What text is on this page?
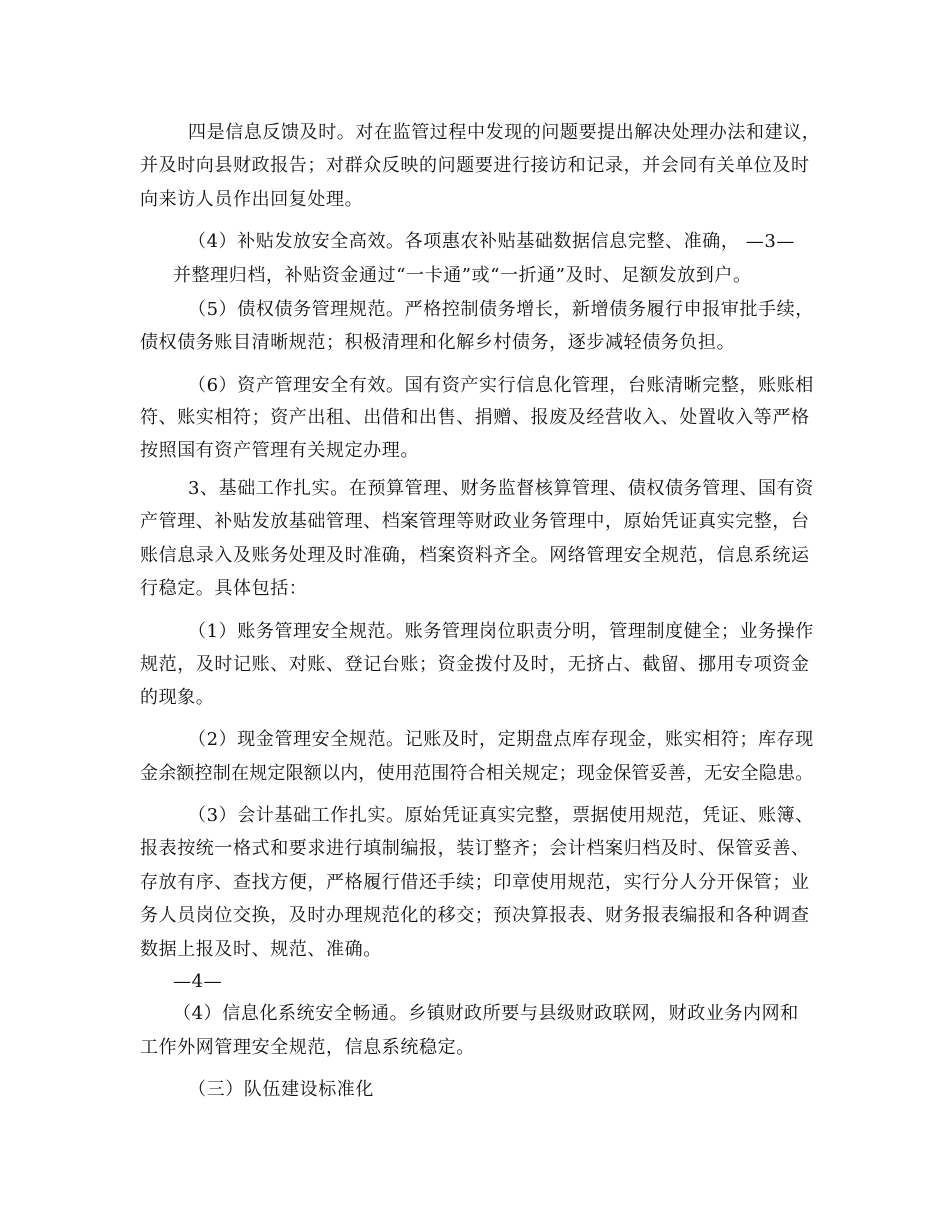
四是信息反馈及时。对在监管过程中发现的问题要提出解决处理办法和建议，
并及时向县财政报告；对群众反映的问题要进行接访和记录，并会同有关单位及时
向来访人员作出回复处理。
（4）补贴发放安全高效。各项惠农补贴基础数据信息完整、准确， —3—
并整理归档，补贴资金通过“一卡通”或“一折通”及时、足额发放到户。
（5）债权债务管理规范。严格控制债务增长，新增债务履行申报审批手续，
债权债务账目清晰规范；积极清理和化解乡村债务，逐步减轻债务负担。
（6）资产管理安全有效。国有资产实行信息化管理，台账清晰完整，账账相
符、账实相符；资产出租、出借和出售、捐赠、报废及经营收入、处置收入等严格
按照国有资产管理有关规定办理。
3、基础工作扎实。在预算管理、财务监督核算管理、债权债务管理、国有资
产管理、补贴发放基础管理、档案管理等财政业务管理中，原始凭证真实完整，台
账信息录入及账务处理及时准确，档案资料齐全。网络管理安全规范，信息系统运
行稳定。具体包括：
（1）账务管理安全规范。账务管理岗位职责分明，管理制度健全；业务操作
规范，及时记账、对账、登记台账；资金拨付及时，无挤占、截留、挪用专项资金
的现象。
（2）现金管理安全规范。记账及时，定期盘点库存现金，账实相符；库存现
金余额控制在规定限额以内，使用范围符合相关规定；现金保管妥善，无安全隐患。
（3）会计基础工作扎实。原始凭证真实完整，票据使用规范，凭证、账簿、
报表按统一格式和要求进行填制编报，装订整齐；会计档案归档及时、保管妥善、
存放有序、查找方便，严格履行借还手续；印章使用规范，实行分人分开保管；业
务人员岗位交换，及时办理规范化的移交；预决算报表、财务报表编报和各种调查
数据上报及时、规范、准确。
—4—
（4）信息化系统安全畅通。乡镇财政所要与县级财政联网，财政业务内网和
工作外网管理安全规范，信息系统稳定。
（三）队伍建设标准化
